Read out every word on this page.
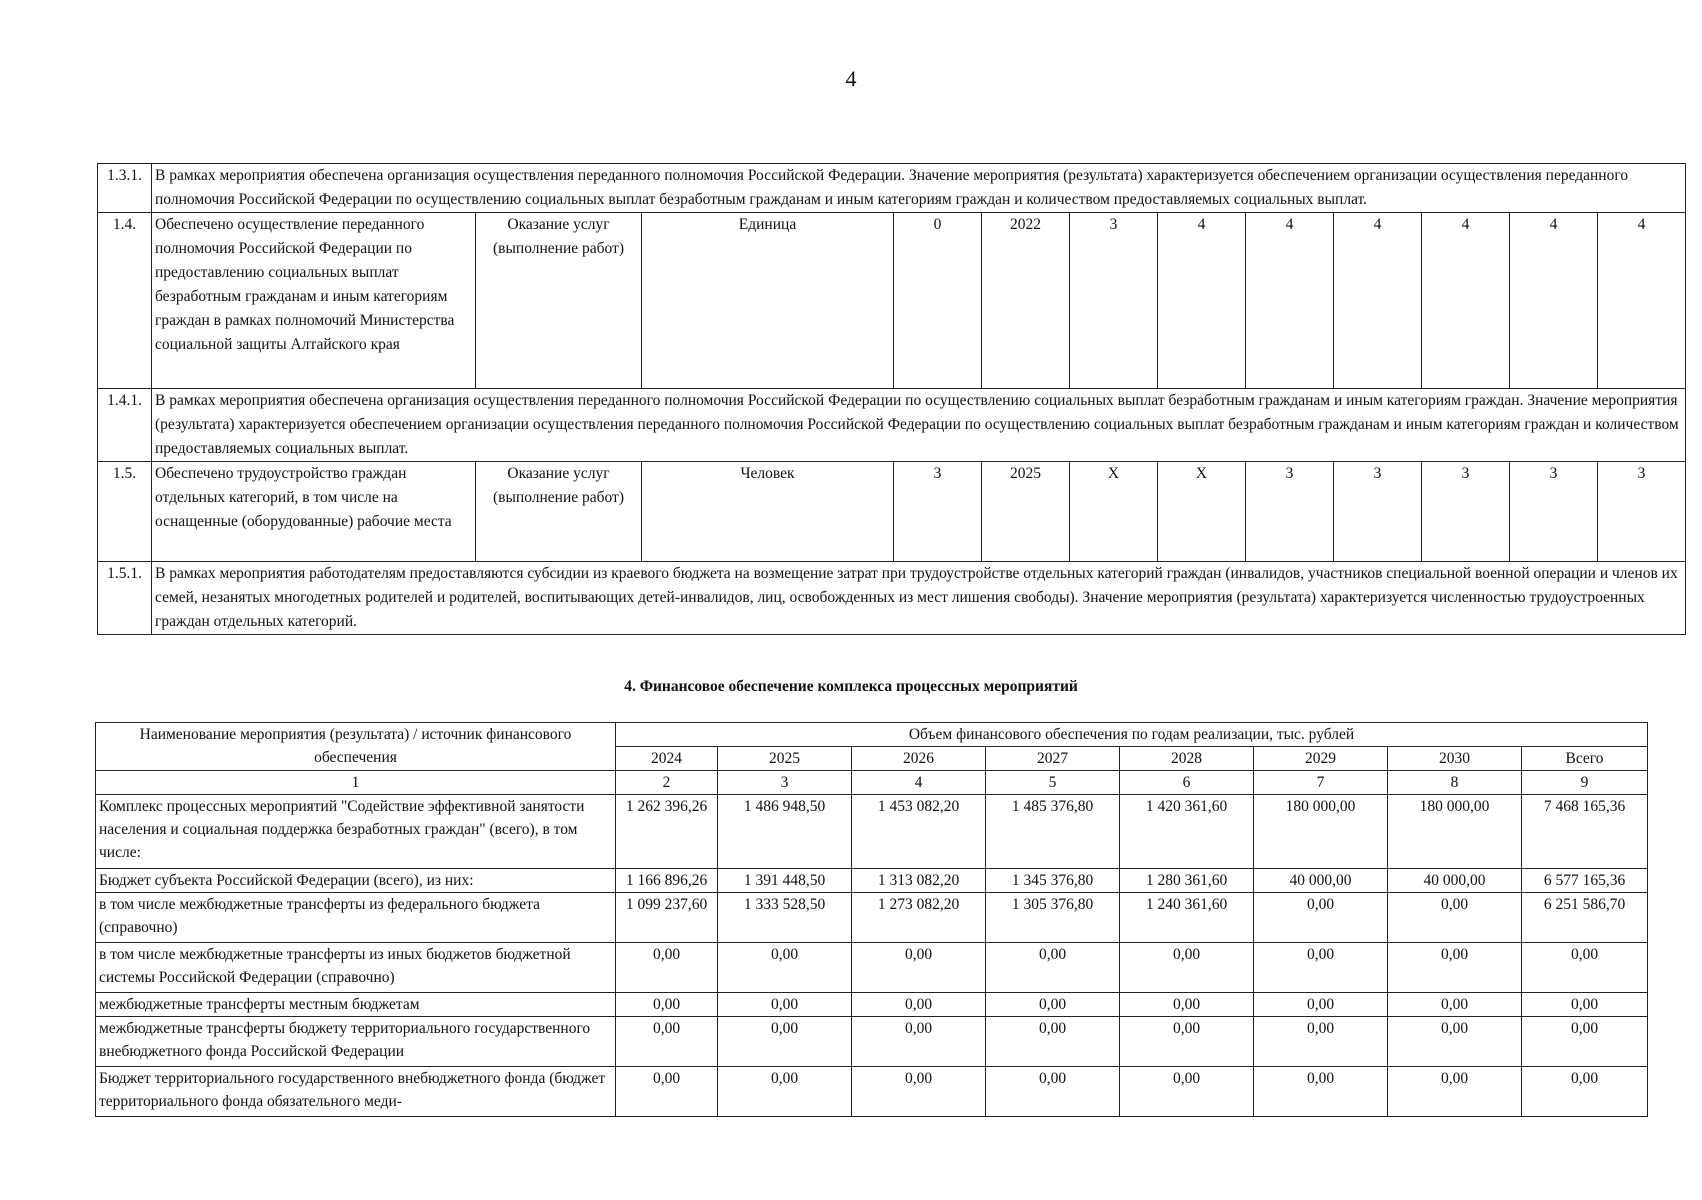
4
1.3.1.	В рамках мероприятия обеспечена организация осуществления переданного полномочия Российской Федерации. Значение мероприятия (результата) характеризуется обеспечением организации осуществления переданного полномочия Российской Федерации по осуществлению социальных выплат безработным гражданам и иным категориям граждан и количеством предоставляемых социальных выплат.											
1.4.	Обеспечено осуществление переданного полномочия Российской Федерации по предоставлению социальных выплат безработным гражданам и иным категориям граждан в рамках полномочий Министерства социальной защиты Алтайского края	Оказание услуг (выполнение работ)	Единица	0	2022	3	4	4	4	4	4	4
1.4.1.	В рамках мероприятия обеспечена организация осуществления переданного полномочия Российской Федерации по осуществлению социальных выплат безработным гражданам и иным категориям граждан. Значение мероприятия (результата) характеризуется обеспечением организации осуществления переданного полномочия Российской Федерации по осуществлению социальных выплат безработным гражданам и иным категориям граждан и количеством предоставляемых социальных выплат.											
1.5.	Обеспечено трудоустройство граждан отдельных категорий, в том числе на оснащенные (оборудованные) рабочие места	Оказание услуг (выполнение работ)	Человек	3	2025	X	X	3	3	3	3	3
1.5.1.	В рамках мероприятия работодателям предоставляются субсидии из краевого бюджета на возмещение затрат при трудоустройстве отдельных категорий граждан (инвалидов, участников специальной военной операции и членов их семей, незанятых многодетных родителей и родителей, воспитывающих детей-инвалидов, лиц, освобожденных из мест лишения свободы). Значение мероприятия (результата) характеризуется численностью трудоустроенных граждан отдельных категорий.											
4. Финансовое обеспечение комплекса процессных мероприятий
Наименование мероприятия (результата) / источник финансового обеспечения	Объем финансового обеспечения по годам реализации, тыс. рублей							
	2024	2025	2026	2027	2028	2029	2030	Всего
1	2	3	4	5	6	7	8	9
Комплекс процессных мероприятий "Содействие эффективной занятости населения и социальная поддержка безработных граждан" (всего), в том числе:	1 262 396,26	1 486 948,50	1 453 082,20	1 485 376,80	1 420 361,60	180 000,00	180 000,00	7 468 165,36
Бюджет субъекта Российской Федерации (всего), из них:	1 166 896,26	1 391 448,50	1 313 082,20	1 345 376,80	1 280 361,60	40 000,00	40 000,00	6 577 165,36
в том числе межбюджетные трансферты из федерального бюджета (справочно)	1 099 237,60	1 333 528,50	1 273 082,20	1 305 376,80	1 240 361,60	0,00	0,00	6 251 586,70
в том числе межбюджетные трансферты из иных бюджетов бюджетной системы Российской Федерации (справочно)	0,00	0,00	0,00	0,00	0,00	0,00	0,00	0,00
межбюджетные трансферты местным бюджетам	0,00	0,00	0,00	0,00	0,00	0,00	0,00	0,00
межбюджетные трансферты бюджету территориального государственного внебюджетного фонда Российской Федерации	0,00	0,00	0,00	0,00	0,00	0,00	0,00	0,00
Бюджет территориального государственного внебюджетного фонда (бюджет территориального фонда обязательного меди-	0,00	0,00	0,00	0,00	0,00	0,00	0,00	0,00
